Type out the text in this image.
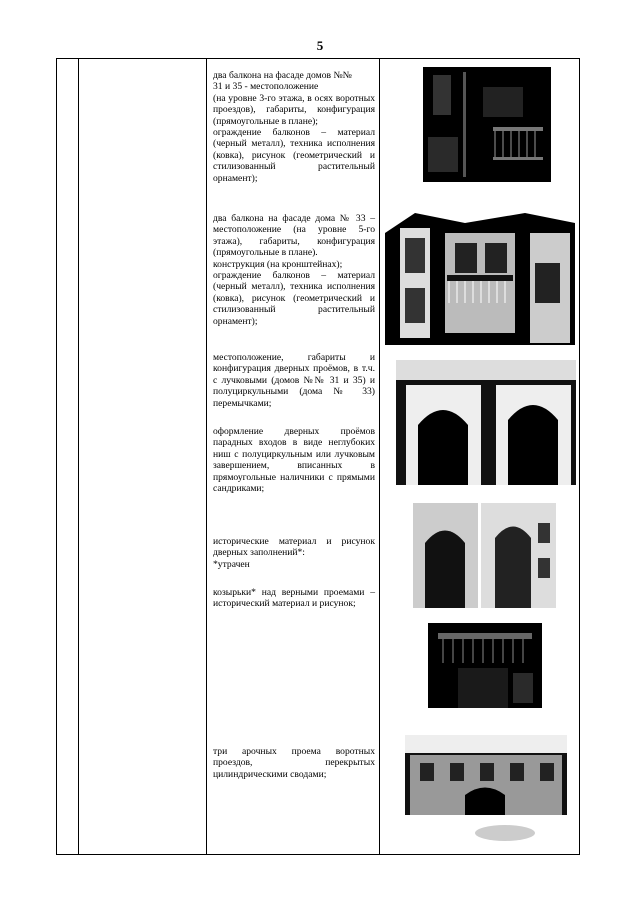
5

два балкона на фасаде домов №№
31 и 35 - местоположение
(на уровне 3-го этажа, в осях воротных проездов), габариты, конфигурация (прямоугольные в плане);
ограждение балконов – материал (черный металл), техника исполнения (ковка), рисунок (геометрический и стилизованный растительный орнамент);

два балкона на фасаде дома № 33 – местоположение (на уровне 5-го этажа), габариты, конфигурация (прямоугольные в плане).
конструкция (на кронштейнах);
ограждение балконов – материал (черный металл), техника исполнения (ковка), рисунок (геометрический и стилизованный растительный орнамент);

местоположение, габариты и конфигурация дверных проёмов, в т.ч. с лучковыми (домов №№ 31 и 35) и полуциркульными (дома № 33) перемычками;

оформление дверных проёмов парадных входов в виде неглубоких ниш с полуциркульным или лучковым завершением, вписанных в прямоугольные наличники с прямыми сандриками;

исторические материал и рисунок дверных заполнений*:
*утрачен

козырьки* над верными проемами – исторический материал и рисунок;

три арочных проема воротных проездов, перекрытых цилиндрическими сводами;
